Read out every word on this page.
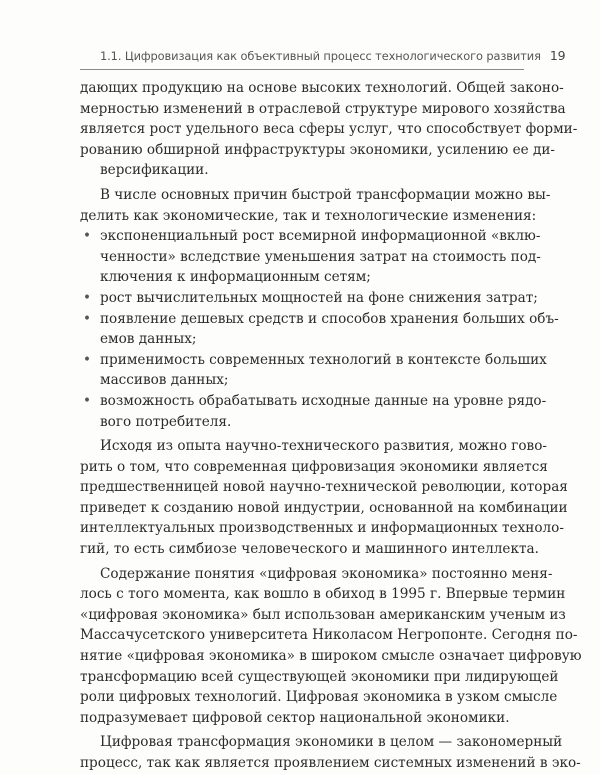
1.1. Цифровизация как объективный процесс технологического развития 19
дающих продукцию на основе высоких технологий. Общей законо-
мерностью изменений в отраслевой структуре мирового хозяйства
является рост удельного веса сферы услуг, что способствует форми-
рованию обширной инфраструктуры экономики, усилению ее ди-
версификации.
В числе основных причин быстрой трансформации можно вы-
делить как экономические, так и технологические изменения:
• экспоненциальный рост всемирной информационной «вклю-
ченности» вследствие уменьшения затрат на стоимость под-
ключения к информационным сетям;
• рост вычислительных мощностей на фоне снижения затрат;
• появление дешевых средств и способов хранения больших объ-
емов данных;
• применимость современных технологий в контексте больших
массивов данных;
• возможность обрабатывать исходные данные на уровне рядо-
вого потребителя.
Исходя из опыта научно-технического развития, можно гово-
рить о том, что современная цифровизация экономики является
предшественницей новой научно-технической революции, которая
приведет к созданию новой индустрии, основанной на комбинации
интеллектуальных производственных и информационных техноло-
гий, то есть симбиозе человеческого и машинного интеллекта.
Содержание понятия «цифровая экономика» постоянно меня-
лось с того момента, как вошло в обиход в 1995 г. Впервые термин
«цифровая экономика» был использован американским ученым из
Массачусетского университета Николасом Негропонте. Сегодня по-
нятие «цифровая экономика» в широком смысле означает цифровую
трансформацию всей существующей экономики при лидирующей
роли цифровых технологий. Цифровая экономика в узком смысле
подразумевает цифровой сектор национальной экономики.
Цифровая трансформация экономики в целом — закономерный
процесс, так как является проявлением системных изменений в эко-
